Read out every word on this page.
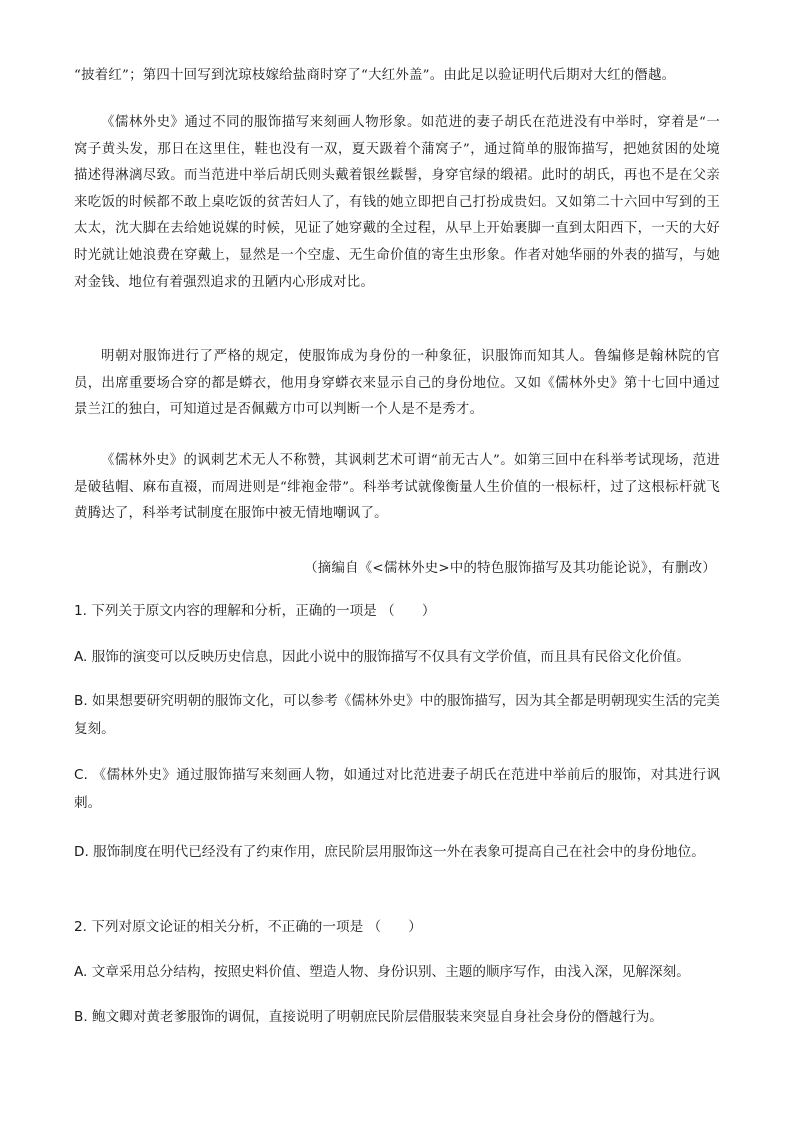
“披着红”；第四十回写到沈琼枝嫁给盐商时穿了“大红外盖”。由此足以验证明代后期对大红的僭越。
《儒林外史》通过不同的服饰描写来刻画人物形象。如范进的妻子胡氏在范进没有中举时，穿着是“一窝子黄头发，那日在这里住，鞋也没有一双，夏天趿着个蒲窝子”，通过简单的服饰描写，把她贫困的处境描述得淋漓尽致。而当范进中举后胡氏则头戴着银丝鬏髻，身穿官绿的缎裙。此时的胡氏，再也不是在父亲来吃饭的时候都不敢上桌吃饭的贫苦妇人了，有钱的她立即把自己打扮成贵妇。又如第二十六回中写到的王太太，沈大脚在去给她说媒的时候，见证了她穿戴的全过程，从早上开始裹脚一直到太阳西下，一天的大好时光就让她浪费在穿戴上，显然是一个空虚、无生命价值的寄生虫形象。作者对她华丽的外表的描写，与她对金钱、地位有着强烈追求的丑陋内心形成对比。
明朝对服饰进行了严格的规定，使服饰成为身份的一种象征，识服饰而知其人。鲁编修是翰林院的官员，出席重要场合穿的都是蟒衣，他用身穿蟒衣来显示自己的身份地位。又如《儒林外史》第十七回中通过景兰江的独白，可知道过是否佩戴方巾可以判断一个人是不是秀才。
《儒林外史》的讽刺艺术无人不称赞，其讽刺艺术可谓“前无古人”。如第三回中在科举考试现场，范进是破毡帽、麻布直裰，而周进则是“绯袍金带”。科举考试就像衡量人生价值的一根标杆，过了这根标杆就飞黄腾达了，科举考试制度在服饰中被无情地嘲讽了。
（摘编自《<儒林外史>中的特色服饰描写及其功能论说》，有删改）
1. 下列关于原文内容的理解和分析，正确的一项是 （　　）
A. 服饰的演变可以反映历史信息，因此小说中的服饰描写不仅具有文学价值，而且具有民俗文化价值。
B. 如果想要研究明朝的服饰文化，可以参考《儒林外史》中的服饰描写，因为其全都是明朝现实生活的完美复刻。
C. 《儒林外史》通过服饰描写来刻画人物，如通过对比范进妻子胡氏在范进中举前后的服饰，对其进行讽刺。
D. 服饰制度在明代已经没有了约束作用，庶民阶层用服饰这一外在表象可提高自己在社会中的身份地位。
2. 下列对原文论证的相关分析，不正确的一项是 （　　）
A. 文章采用总分结构，按照史料价值、塑造人物、身份识别、主题的顺序写作，由浅入深，见解深刻。
B. 鲍文卿对黄老爹服饰的调侃，直接说明了明朝庶民阶层借服装来突显自身社会身份的僭越行为。
